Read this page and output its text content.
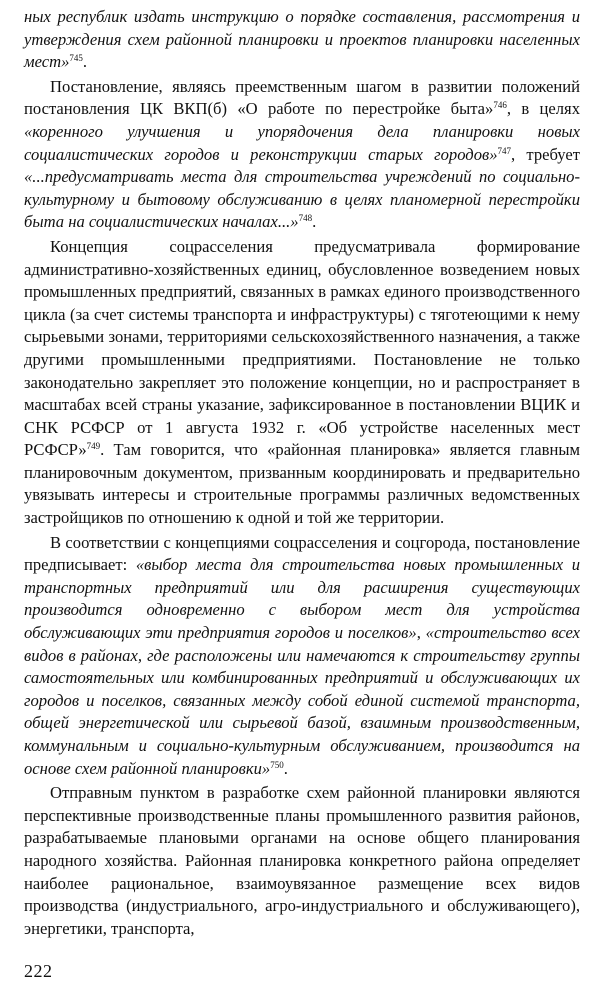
ных республик издать инструкцию о порядке составления, рассмотрения и утверждения схем районной планировки и проектов планировки населенных мест»$^{745}$.

Постановление, являясь преемственным шагом в развитии положений постановления ЦК ВКП(б) «О работе по перестройке быта»$^{746}$, в целях «коренного улучшения и упорядочения дела планировки новых социалистических городов и реконструкции старых городов»$^{747}$, требует «...предусматривать места для строительства учреждений по социально-культурному и бытовому обслуживанию в целях планомерной перестройки быта на социалистических началах...»$^{748}$.

Концепция соцрасселения предусматривала формирование административно-хозяйственных единиц, обусловленное возведением новых промышленных предприятий, связанных в рамках единого производственного цикла (за счет системы транспорта и инфраструктуры) с тяготеющими к нему сырьевыми зонами, территориями сельскохозяйственного назначения, а также другими промышленными предприятиями. Постановление не только законодательно закрепляет это положение концепции, но и распространяет в масштабах всей страны указание, зафиксированное в постановлении ВЦИК и СНК РСФСР от 1 августа 1932 г. «Об устройстве населенных мест РСФСР»$^{749}$. Там говорится, что «районная планировка» является главным планировочным документом, призванным координировать и предварительно увязывать интересы и строительные программы различных ведомственных застройщиков по отношению к одной и той же территории.

В соответствии с концепциями соцрасселения и соцгорода, постановление предписывает: «выбор места для строительства новых промышленных и транспортных предприятий или для расширения существующих производится одновременно с выбором мест для устройства обслуживающих эти предприятия городов и поселков», «строительство всех видов в районах, где расположены или намечаются к строительству группы самостоятельных или комбинированных предприятий и обслуживающих их городов и поселков, связанных между собой единой системой транспорта, общей энергетической или сырьевой базой, взаимным производственным, коммунальным и социально-культурным обслуживанием, производится на основе схем районной планировки»$^{750}$.

Отправным пунктом в разработке схем районной планировки являются перспективные производственные планы промышленного развития районов, разрабатываемые плановыми органами на основе общего планирования народного хозяйства. Районная планировка конкретного района определяет наиболее рациональное, взаимоувязанное размещение всех видов производства (индустриального, агро-индустриального и обслуживающего), энергетики, транспорта,

222
